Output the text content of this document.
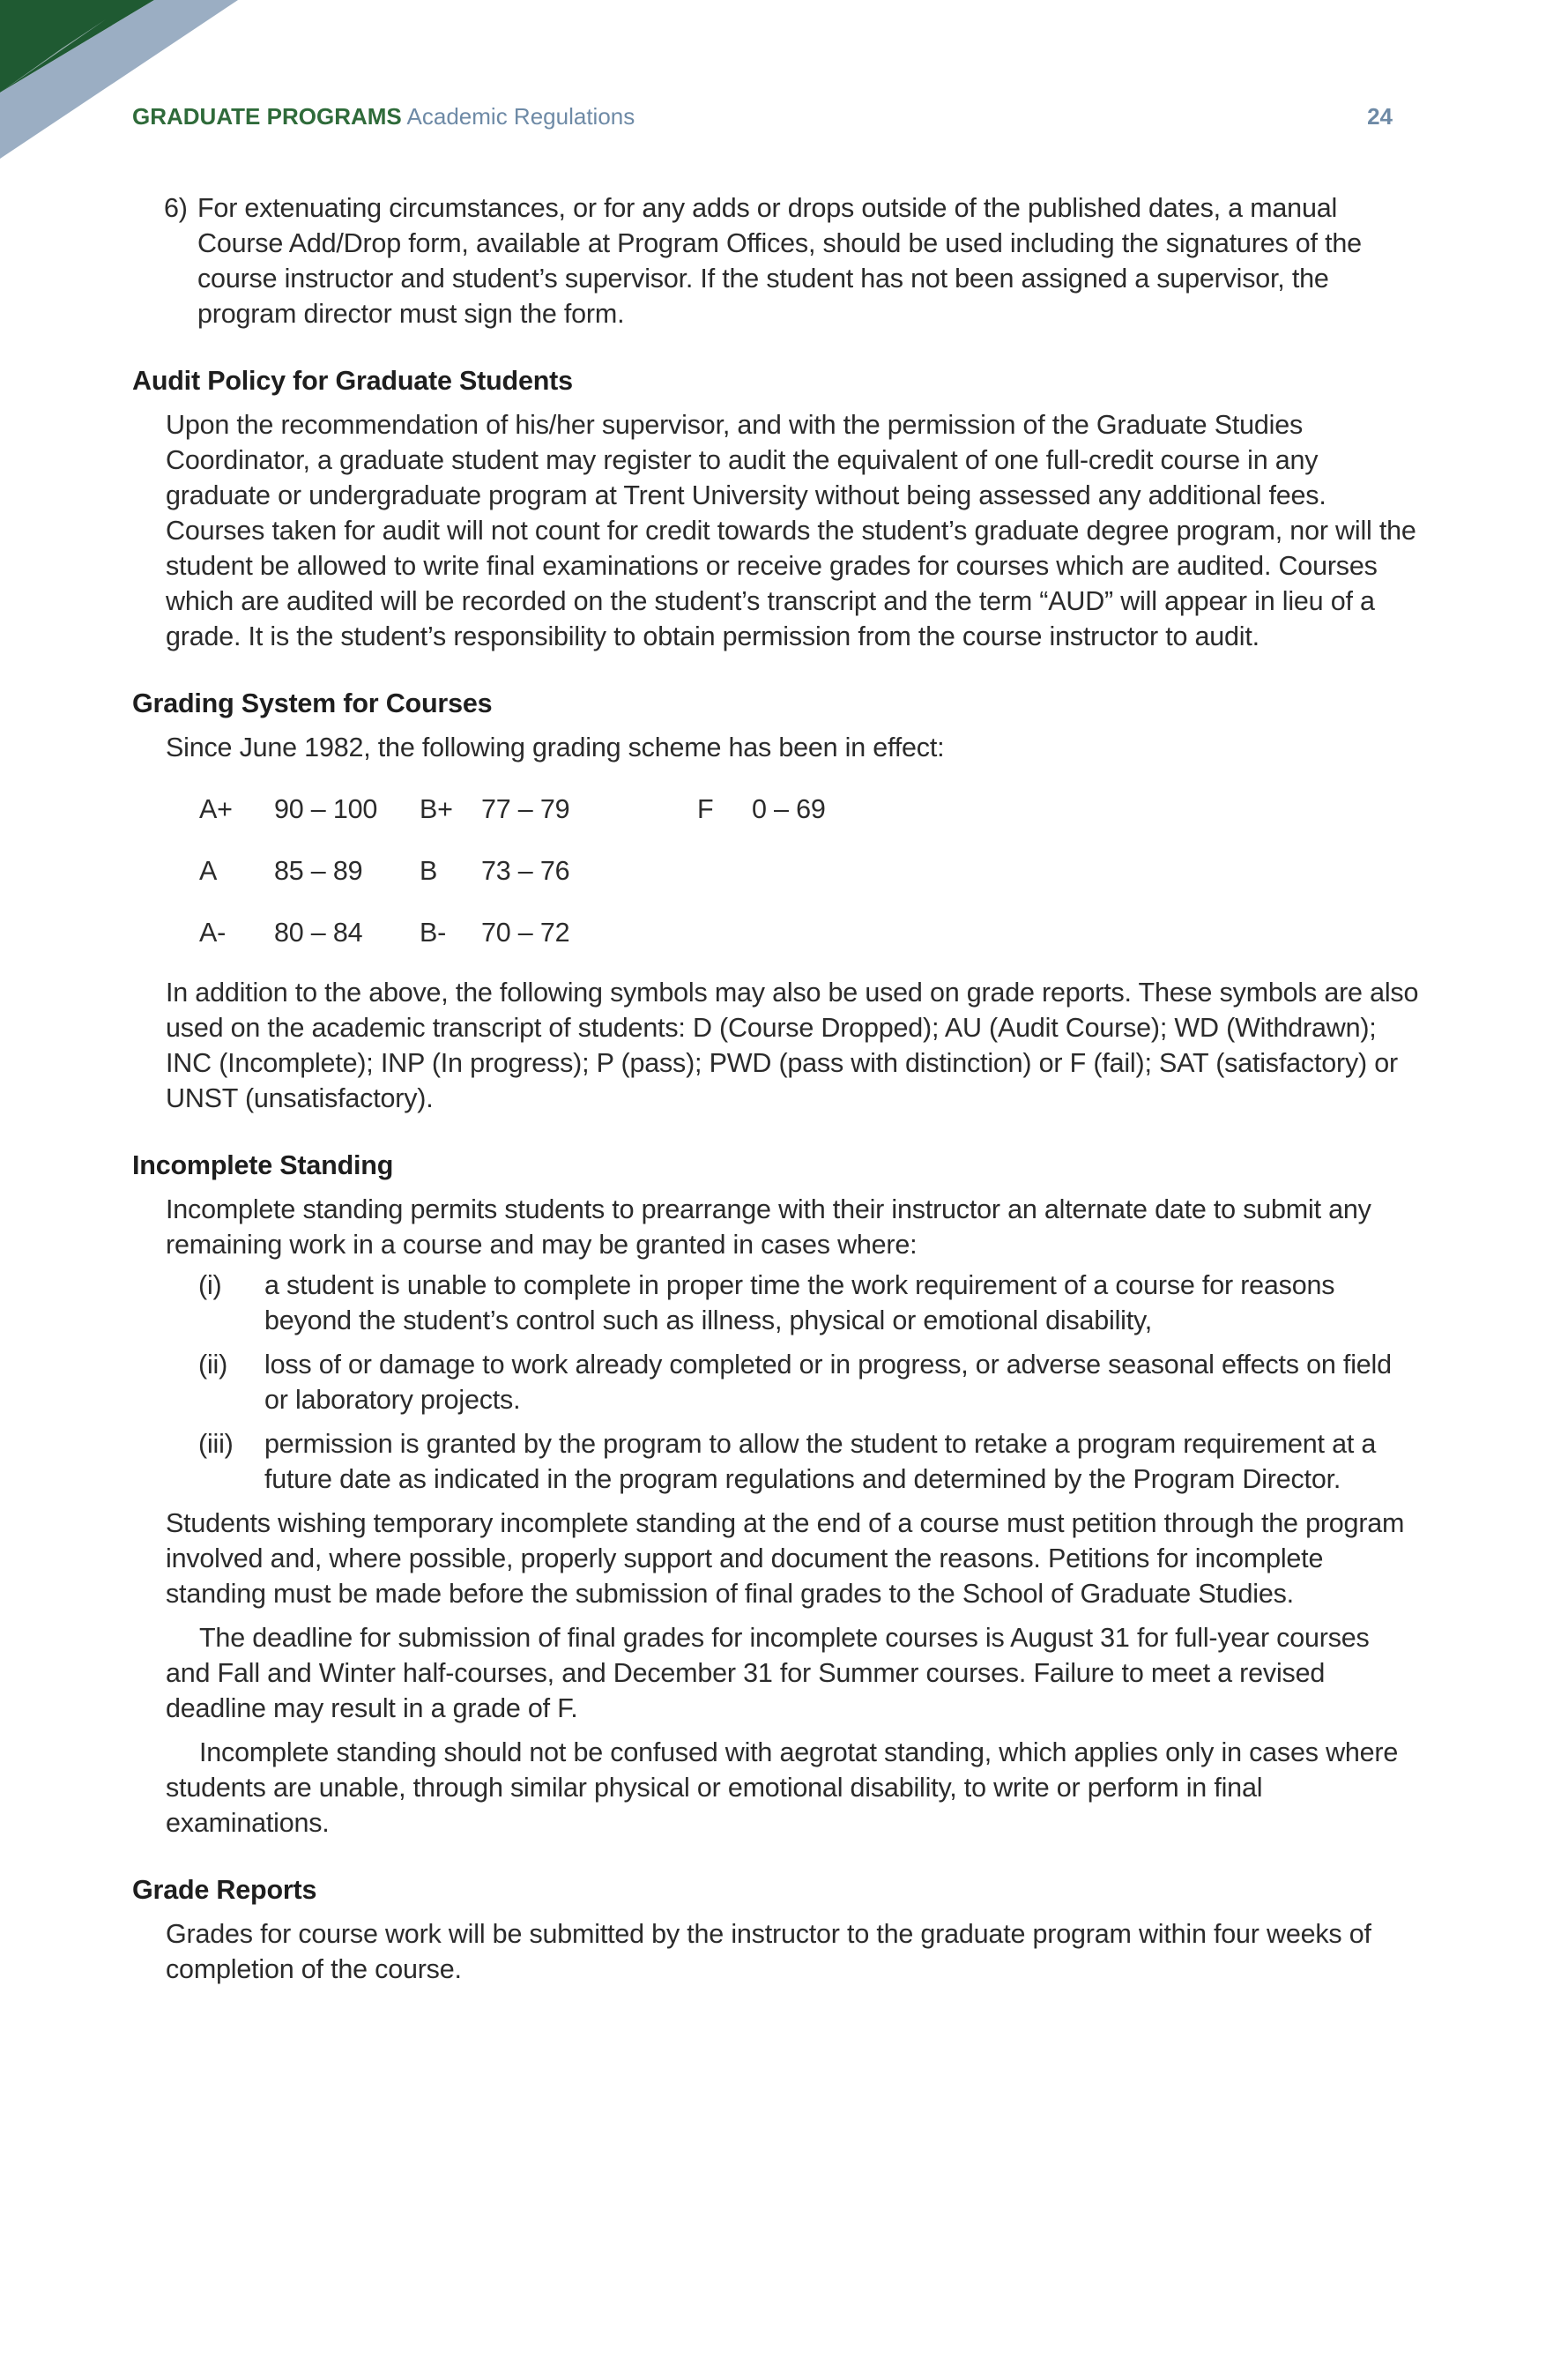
GRADUATE PROGRAMS Academic Regulations	24
6) For extenuating circumstances, or for any adds or drops outside of the published dates, a manual Course Add/Drop form, available at Program Offices, should be used including the signatures of the course instructor and student’s supervisor. If the student has not been assigned a supervisor, the program director must sign the form.
Audit Policy for Graduate Students

Upon the recommendation of his/her supervisor, and with the permission of the Graduate Studies Coordinator, a graduate student may register to audit the equivalent of one full-credit course in any graduate or undergraduate program at Trent University without being assessed any additional fees. Courses taken for audit will not count for credit towards the student’s graduate degree program, nor will the student be allowed to write final examinations or receive grades for courses which are audited. Courses which are audited will be recorded on the student’s transcript and the term “AUD” will appear in lieu of a grade. It is the student’s responsibility to obtain permission from the course instructor to audit.

Grading System for Courses

Since June 1982, the following grading scheme has been in effect:

A+	90 – 100	B+	77 – 79	F	0 – 69
A	85 – 89	B	73 – 76
A-	80 – 84	B-	70 – 72

In addition to the above, the following symbols may also be used on grade reports. These symbols are also used on the academic transcript of students: D (Course Dropped); AU (Audit Course); WD (Withdrawn); INC (Incomplete); INP (In progress); P (pass); PWD (pass with distinction) or F (fail); SAT (satisfactory) or UNST (unsatisfactory).

Incomplete Standing

Incomplete standing permits students to prearrange with their instructor an alternate date to submit any remaining work in a course and may be granted in cases where:

(i)	a student is unable to complete in proper time the work requirement of a course for reasons beyond the student’s control such as illness, physical or emotional disability,
(ii)	loss of or damage to work already completed or in progress, or adverse seasonal effects on field or laboratory projects.
(iii)	permission is granted by the program to allow the student to retake a program requirement at a future date as indicated in the program regulations and determined by the Program Director.

Students wishing temporary incomplete standing at the end of a course must petition through the program involved and, where possible, properly support and document the reasons. Petitions for incomplete standing must be made before the submission of final grades to the School of Graduate Studies.

The deadline for submission of final grades for incomplete courses is August 31 for full-year courses and Fall and Winter half-courses, and December 31 for Summer courses. Failure to meet a revised deadline may result in a grade of F.

Incomplete standing should not be confused with aegrotat standing, which applies only in cases where students are unable, through similar physical or emotional disability, to write or perform in final examinations.

Grade Reports

Grades for course work will be submitted by the instructor to the graduate program within four weeks of completion of the course.
